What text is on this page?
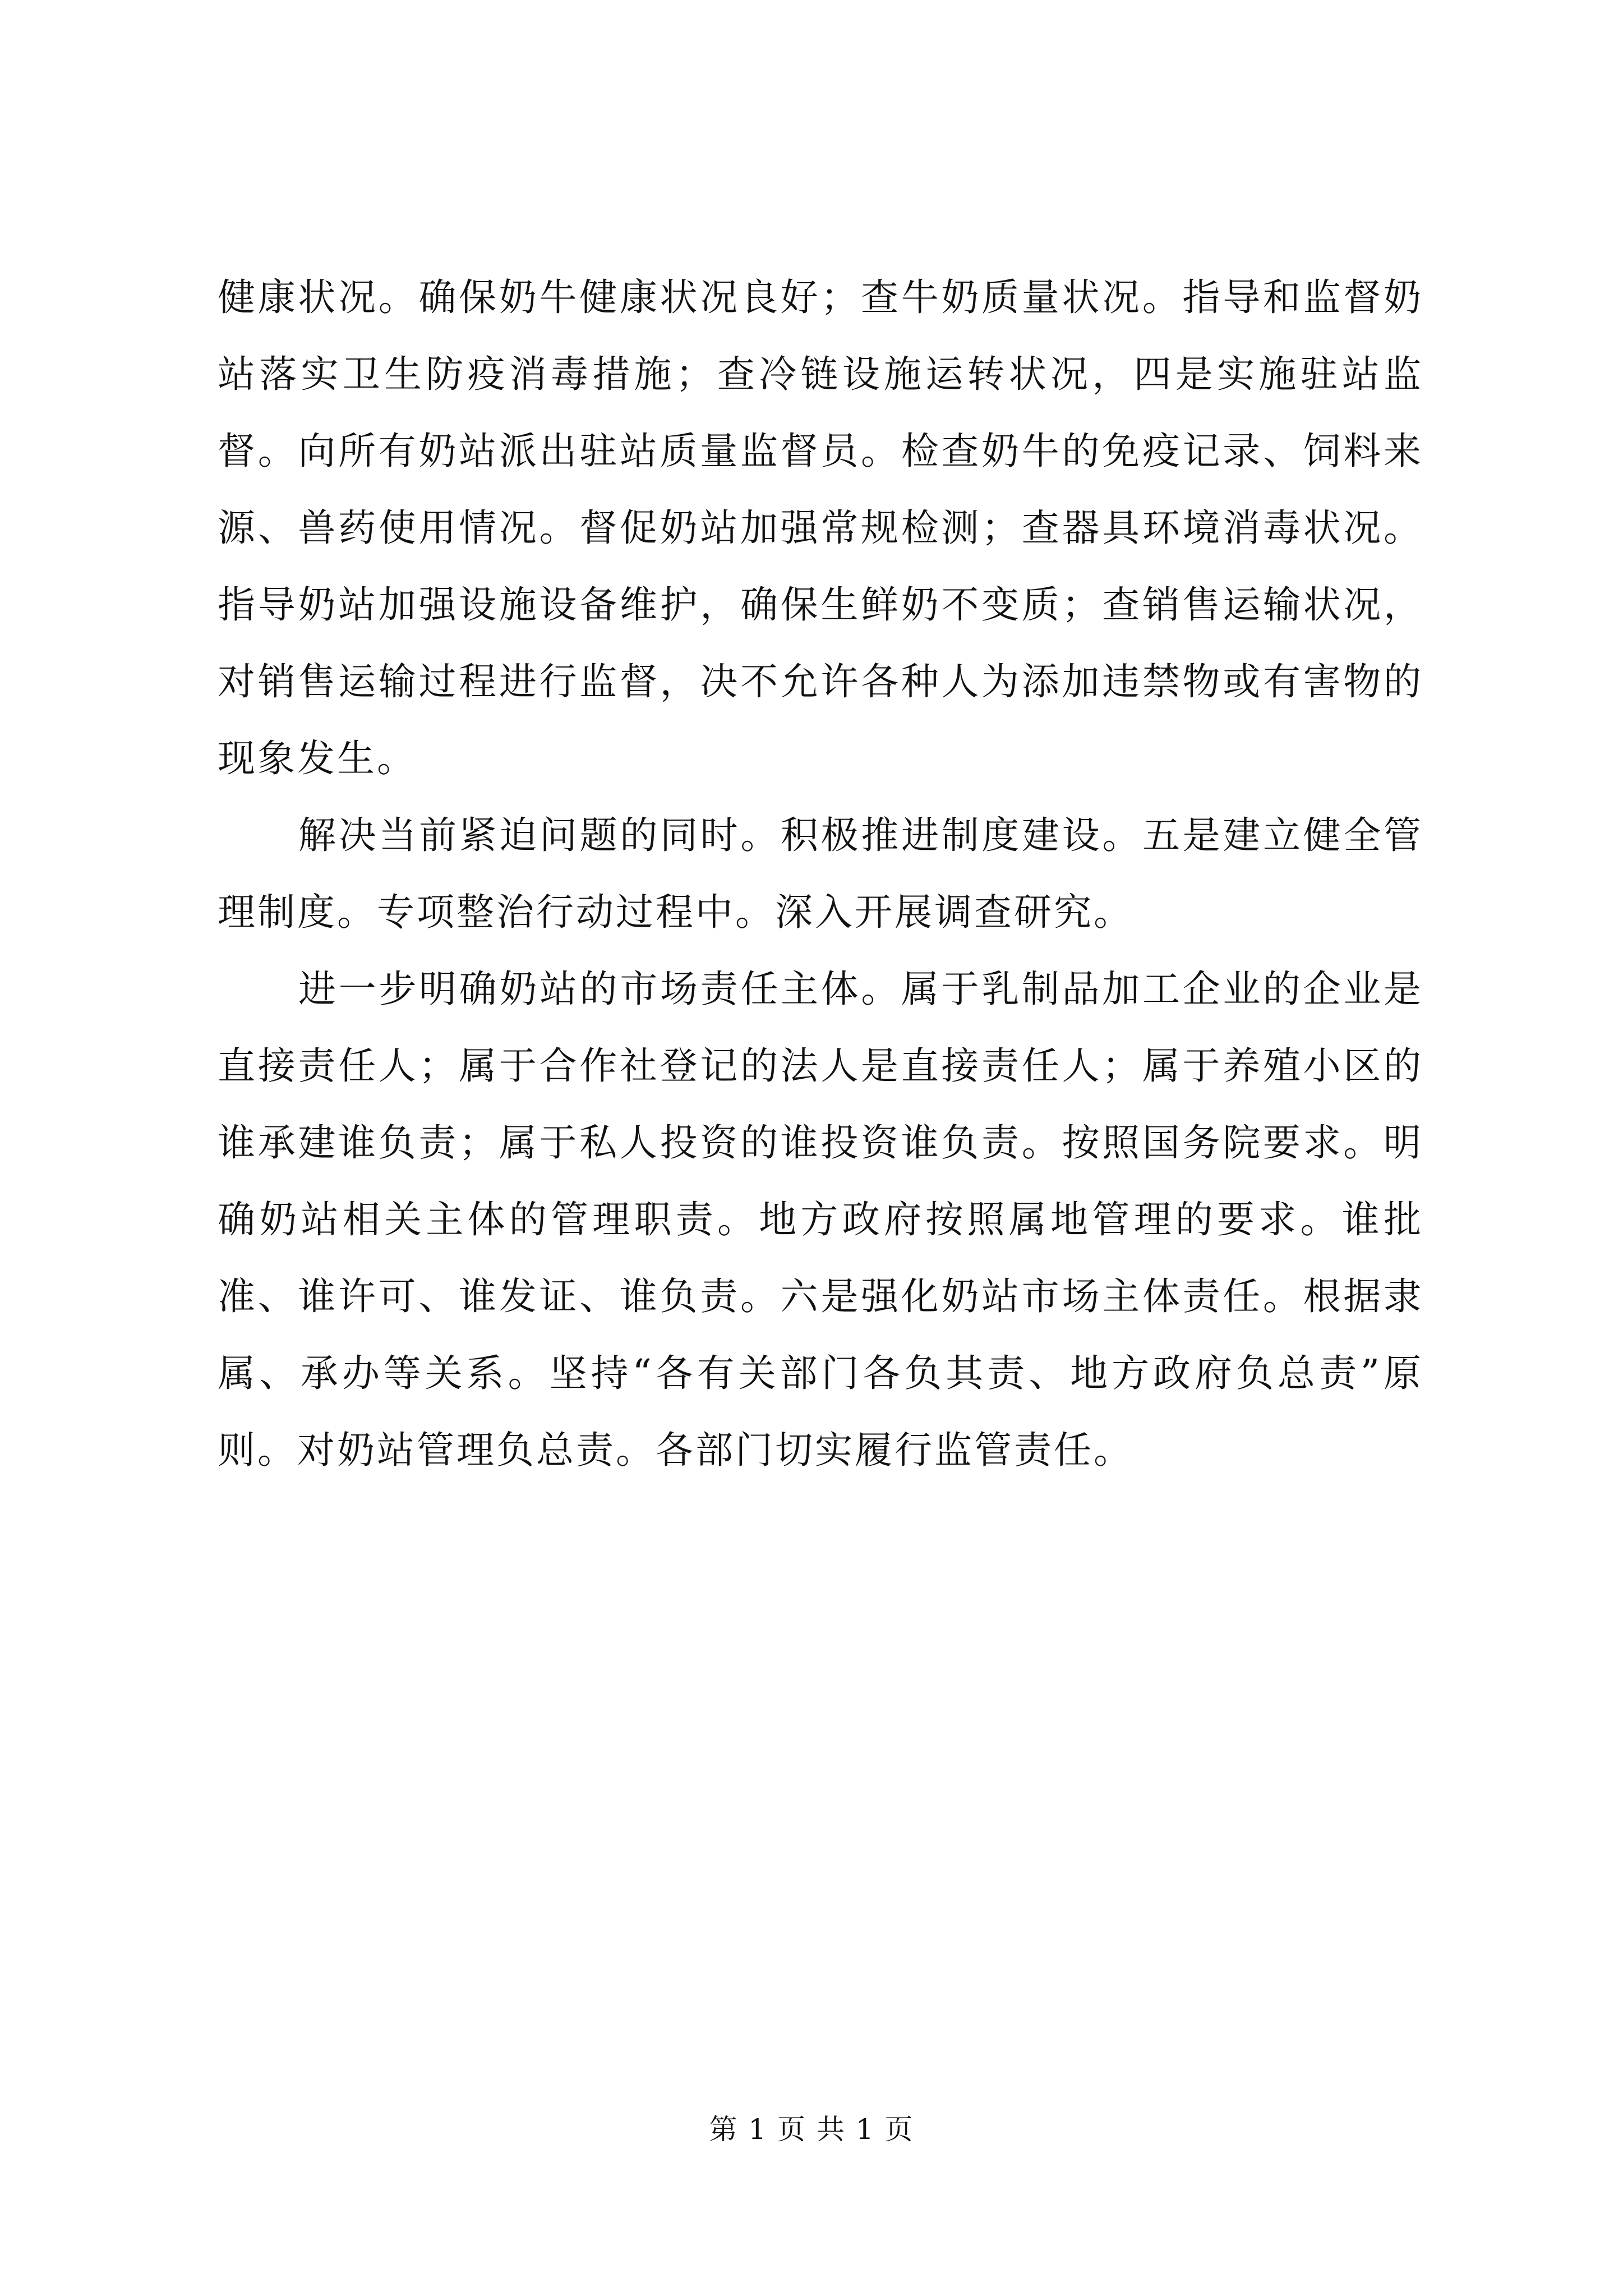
健康状况。确保奶牛健康状况良好；查牛奶质量状况。指导和监督奶站落实卫生防疫消毒措施；查冷链设施运转状况，四是实施驻站监督。向所有奶站派出驻站质量监督员。检查奶牛的免疫记录、饲料来源、兽药使用情况。督促奶站加强常规检测；查器具环境消毒状况。指导奶站加强设施设备维护，确保生鲜奶不变质；查销售运输状况，对销售运输过程进行监督，决不允许各种人为添加违禁物或有害物的现象发生。

解决当前紧迫问题的同时。积极推进制度建设。五是建立健全管理制度。专项整治行动过程中。深入开展调查研究。

进一步明确奶站的市场责任主体。属于乳制品加工企业的企业是直接责任人；属于合作社登记的法人是直接责任人；属于养殖小区的谁承建谁负责；属于私人投资的谁投资谁负责。按照国务院要求。明确奶站相关主体的管理职责。地方政府按照属地管理的要求。谁批准、谁许可、谁发证、谁负责。六是强化奶站市场主体责任。根据隶属、承办等关系。坚持“各有关部门各负其责、地方政府负总责”原则。对奶站管理负总责。各部门切实履行监管责任。

第 1 页 共 1 页
